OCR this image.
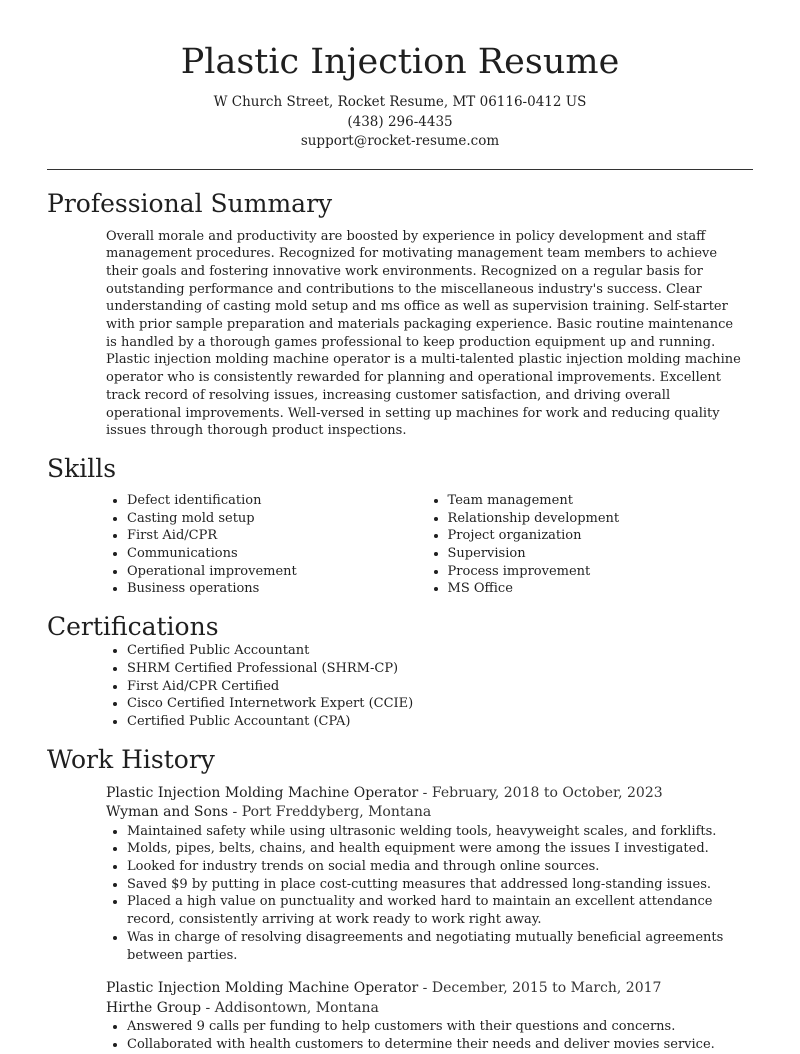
Plastic Injection Resume
W Church Street, Rocket Resume, MT 06116-0412 US
(438) 296-4435
support@rocket-resume.com
Professional Summary

Overall morale and productivity are boosted by experience in policy development and staff management procedures. Recognized for motivating management team members to achieve their goals and fostering innovative work environments. Recognized on a regular basis for outstanding performance and contributions to the miscellaneous industry's success. Clear understanding of casting mold setup and ms office as well as supervision training. Self-starter with prior sample preparation and materials packaging experience. Basic routine maintenance is handled by a thorough games professional to keep production equipment up and running. Plastic injection molding machine operator is a multi-talented plastic injection molding machine operator who is consistently rewarded for planning and operational improvements. Excellent track record of resolving issues, increasing customer satisfaction, and driving overall operational improvements. Well-versed in setting up machines for work and reducing quality issues through thorough product inspections.

Skills
• Defect identification
• Casting mold setup
• First Aid/CPR
• Communications
• Operational improvement
• Business operations
• Team management
• Relationship development
• Project organization
• Supervision
• Process improvement
• MS Office
Certifications
• Certified Public Accountant
• SHRM Certified Professional (SHRM-CP)
• First Aid/CPR Certified
• Cisco Certified Internetwork Expert (CCIE)
• Certified Public Accountant (CPA)
Work History
Plastic Injection Molding Machine Operator - February, 2018 to October, 2023
Wyman and Sons - Port Freddyberg, Montana
• Maintained safety while using ultrasonic welding tools, heavyweight scales, and forklifts.
• Molds, pipes, belts, chains, and health equipment were among the issues I investigated.
• Looked for industry trends on social media and through online sources.
• Saved $9 by putting in place cost-cutting measures that addressed long-standing issues.
• Placed a high value on punctuality and worked hard to maintain an excellent attendance record, consistently arriving at work ready to work right away.
• Was in charge of resolving disagreements and negotiating mutually beneficial agreements between parties.
Plastic Injection Molding Machine Operator - December, 2015 to March, 2017
Hirthe Group - Addisontown, Montana
• Answered 9 calls per funding to help customers with their questions and concerns.
• Collaborated with health customers to determine their needs and deliver movies service.
